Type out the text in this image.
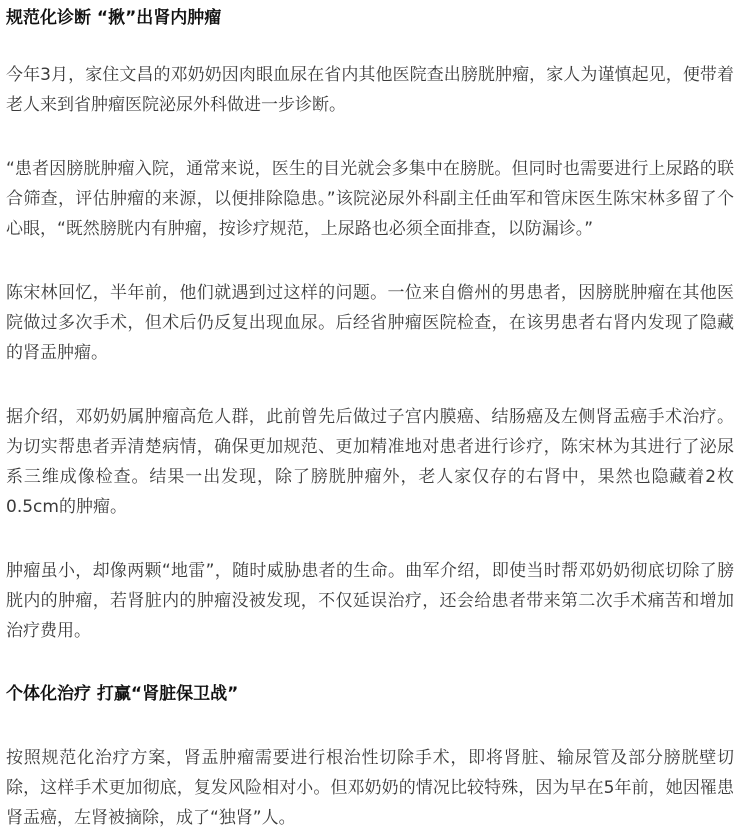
规范化诊断 “揪”出肾内肿瘤

今年3月，家住文昌的邓奶奶因肉眼血尿在省内其他医院查出膀胱肿瘤，家人为谨慎起见，便带着老人来到省肿瘤医院泌尿外科做进一步诊断。

“患者因膀胱肿瘤入院，通常来说，医生的目光就会多集中在膀胱。但同时也需要进行上尿路的联合筛查，评估肿瘤的来源，以便排除隐患。”该院泌尿外科副主任曲军和管床医生陈宋林多留了个心眼，“既然膀胱内有肿瘤，按诊疗规范，上尿路也必须全面排查，以防漏诊。”

陈宋林回忆，半年前，他们就遇到过这样的问题。一位来自儋州的男患者，因膀胱肿瘤在其他医院做过多次手术，但术后仍反复出现血尿。后经省肿瘤医院检查，在该男患者右肾内发现了隐藏的肾盂肿瘤。

据介绍，邓奶奶属肿瘤高危人群，此前曾先后做过子宫内膜癌、结肠癌及左侧肾盂癌手术治疗。为切实帮患者弄清楚病情，确保更加规范、更加精准地对患者进行诊疗，陈宋林为其进行了泌尿系三维成像检查。结果一出发现，除了膀胱肿瘤外，老人家仅存的右肾中，果然也隐藏着2枚0.5cm的肿瘤。

肿瘤虽小，却像两颗“地雷”，随时威胁患者的生命。曲军介绍，即使当时帮邓奶奶彻底切除了膀胱内的肿瘤，若肾脏内的肿瘤没被发现，不仅延误治疗，还会给患者带来第二次手术痛苦和增加治疗费用。

个体化治疗 打赢“肾脏保卫战”

按照规范化治疗方案，肾盂肿瘤需要进行根治性切除手术，即将肾脏、输尿管及部分膀胱壁切除，这样手术更加彻底，复发风险相对小。但邓奶奶的情况比较特殊，因为早在5年前，她因罹患肾盂癌，左肾被摘除，成了“独肾”人。
